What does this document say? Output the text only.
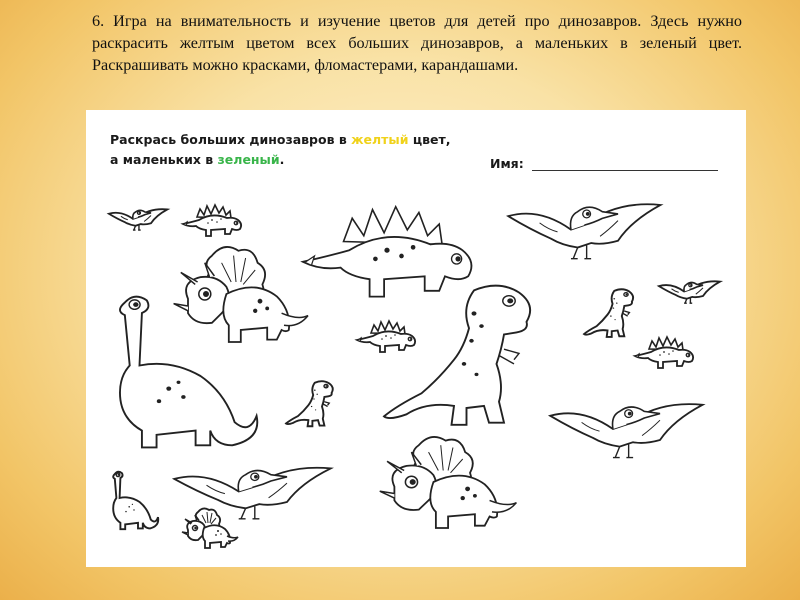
6. Игра на внимательность и изучение цветов для детей про динозавров. Здесь нужно раскрасить желтым цветом всех больших динозавров, а маленьких в зеленый цвет. Раскрашивать можно красками, фломастерами, карандашами.

Раскрась больших динозавров в желтый цвет,
а маленьких в зеленый.	Имя:
